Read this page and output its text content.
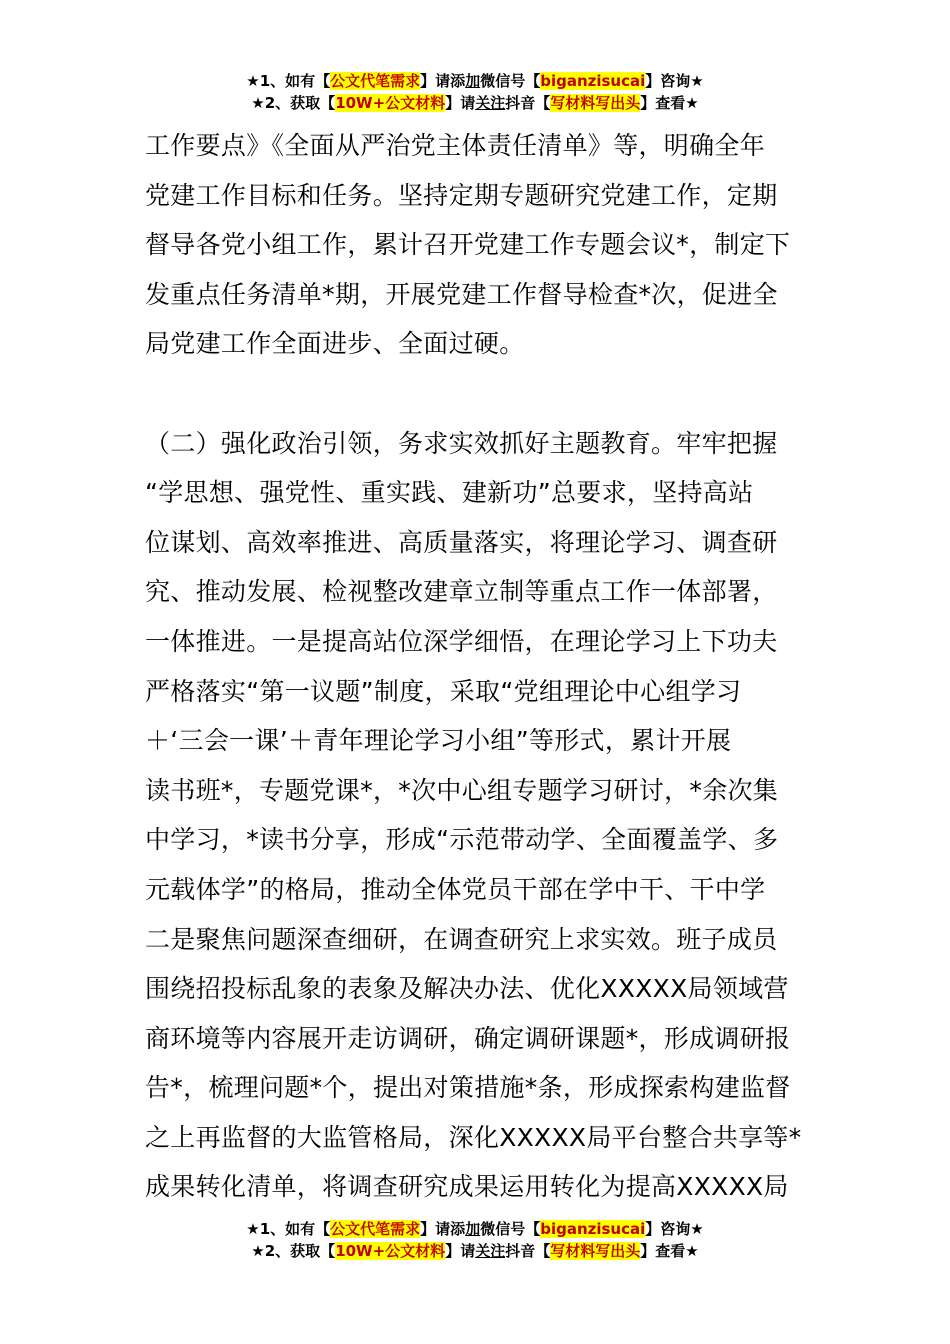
★1、如有【公文代笔需求】请添加微信号【biganzisucai】咨询★
★2、获取【10W+公文材料】请关注抖音【写材料写出头】查看★

工作要点》《全面从严治党主体责任清单》等，明确全年

党建工作目标和任务。坚持定期专题研究党建工作，定期

督导各党小组工作，累计召开党建工作专题会议*，制定下

发重点任务清单*期，开展党建工作督导检查*次，促进全

局党建工作全面进步、全面过硬。

（二）强化政治引领，务求实效抓好主题教育。牢牢把握

“学思想、强党性、重实践、建新功”总要求，坚持高站

位谋划、高效率推进、高质量落实，将理论学习、调查研

究、推动发展、检视整改建章立制等重点工作一体部署，

一体推进。一是提高站位深学细悟，在理论学习上下功夫

严格落实“第一议题”制度，采取“党组理论中心组学习

＋‘三会一课’＋青年理论学习小组”等形式，累计开展

读书班*，专题党课*，*次中心组专题学习研讨，*余次集

中学习，*读书分享，形成“示范带动学、全面覆盖学、多

元载体学”的格局，推动全体党员干部在学中干、干中学

二是聚焦问题深查细研，在调查研究上求实效。班子成员

围绕招投标乱象的表象及解决办法、优化XXXXX局领域营

商环境等内容展开走访调研，确定调研课题*，形成调研报

告*，梳理问题*个，提出对策措施*条，形成探索构建监督

之上再监督的大监管格局，深化XXXXX局平台整合共享等*

成果转化清单，将调查研究成果运用转化为提高XXXXX局

★1、如有【公文代笔需求】请添加微信号【biganzisucai】咨询★
★2、获取【10W+公文材料】请关注抖音【写材料写出头】查看★
